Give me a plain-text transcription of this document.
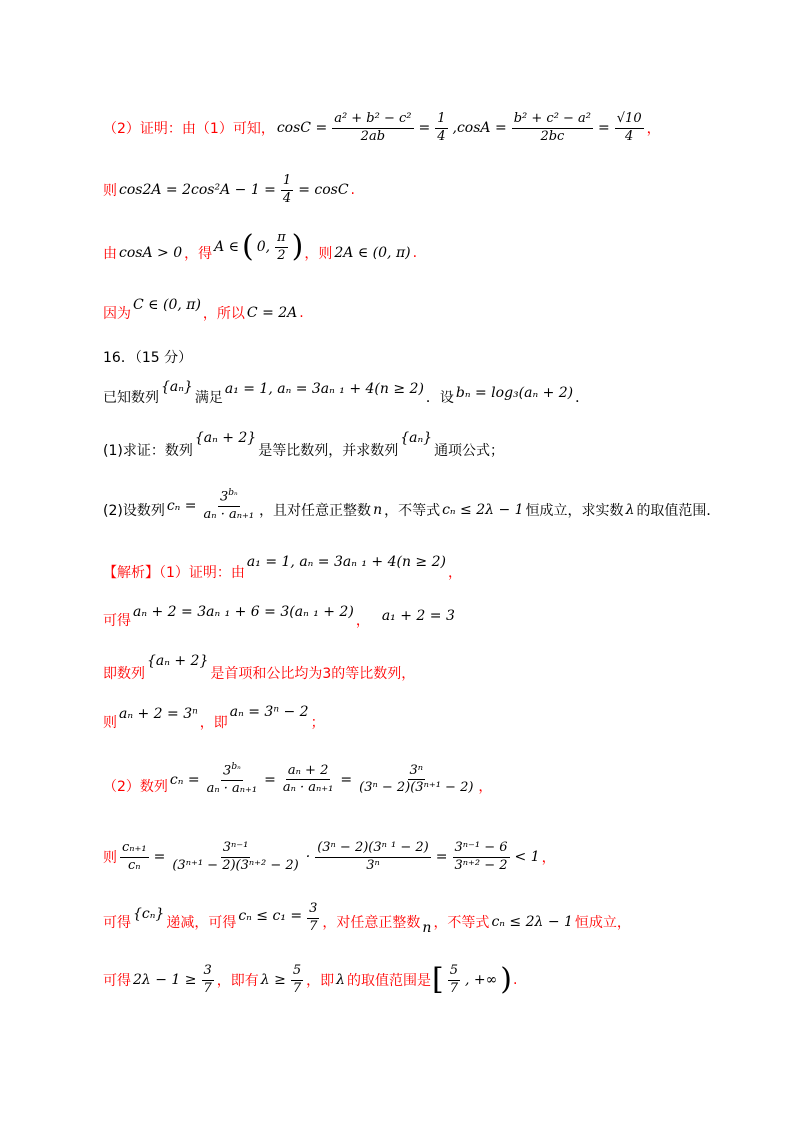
（2）证明：由（1）可知， $\cos C = \frac{\text{a² + b² − c²}}{2ab} = \frac{1}{4} ,\cos A = \frac{\text{b² + c² − a²}}{2bc} = \frac{√10}{4}$ ，
则 $\cos 2A = 2\cos^2A - 1 = \frac{1}{4} = \cos C$ .
由 cosA > 0 ，得 A ∈ ( 0, $\frac{\pi}{2}$ ) ，则 2A ∈ (0, π) .
因为
C ∈ (0, π)
，所以 C = 2A .
16．（15 分）
已知数列
{aₙ}
满足
a₁ = 1, aₙ = 3aₙ ₁ + 4(n ≥ 2)
．设 bₙ = log₃(aₙ + 2) ．
(1)求证：数列
{aₙ + 2}
是等比数列，并求数列
{aₙ}
通项公式；
(2)设数列 $c_n = \frac{3^{b_n}}{\text{aₙ · aₙ₊₁}}$ ，且对任意正整数 n ，不等式 cₙ ≤ 2λ − 1 恒成立，求实数 λ 的取值范围．
【解析】（1）证明：由
a₁ = 1, aₙ = 3aₙ ₁ + 4(n ≥ 2)
，
可得
aₙ + 2 = 3aₙ ₁ + 6 = 3(aₙ ₁ + 2)
， a₁ + 2 = 3
即数列
{aₙ + 2}
是首项和公比均为3的等比数列，
则
aₙ + 2 = 3ⁿ
，即
aₙ = 3ⁿ − 2
；
（2）数列 $c_n = \frac{3^{b_n}}{\text{aₙ · aₙ₊₁}} = \frac{\text{aₙ + 2}}{\text{aₙ · aₙ₊₁}} = \frac{\text{3ⁿ}}{\text{(3ⁿ − 2)(3ⁿ⁺¹ − 2)}}$ ，
则 $\frac{\text{cₙ₊₁}}{\text{cₙ}} = \frac{\text{3ⁿ⁻¹}}{\text{(3ⁿ⁺¹ − 2)(3ⁿ⁺² − 2)}} \cdot \frac{\text{(3ⁿ − 2)(3ⁿ ¹ − 2)}}{\text{3ⁿ}} = \frac{\text{3ⁿ⁻¹ − 6}}{\text{3ⁿ⁺² − 2}} < 1$ ，
可得
{cₙ}
递减，可得 $c_n \le c_1 = \frac{3}{7}$ ，对任意正整数 n ，不等式 cₙ ≤ 2λ − 1 恒成立，
可得 $2\lambda - 1 \ge \frac{3}{7}$ ，即有 $\lambda \ge \frac{5}{7}$ ，即 λ 的取值范围是 [ $\frac{5}{7}$ , +∞ ) .
